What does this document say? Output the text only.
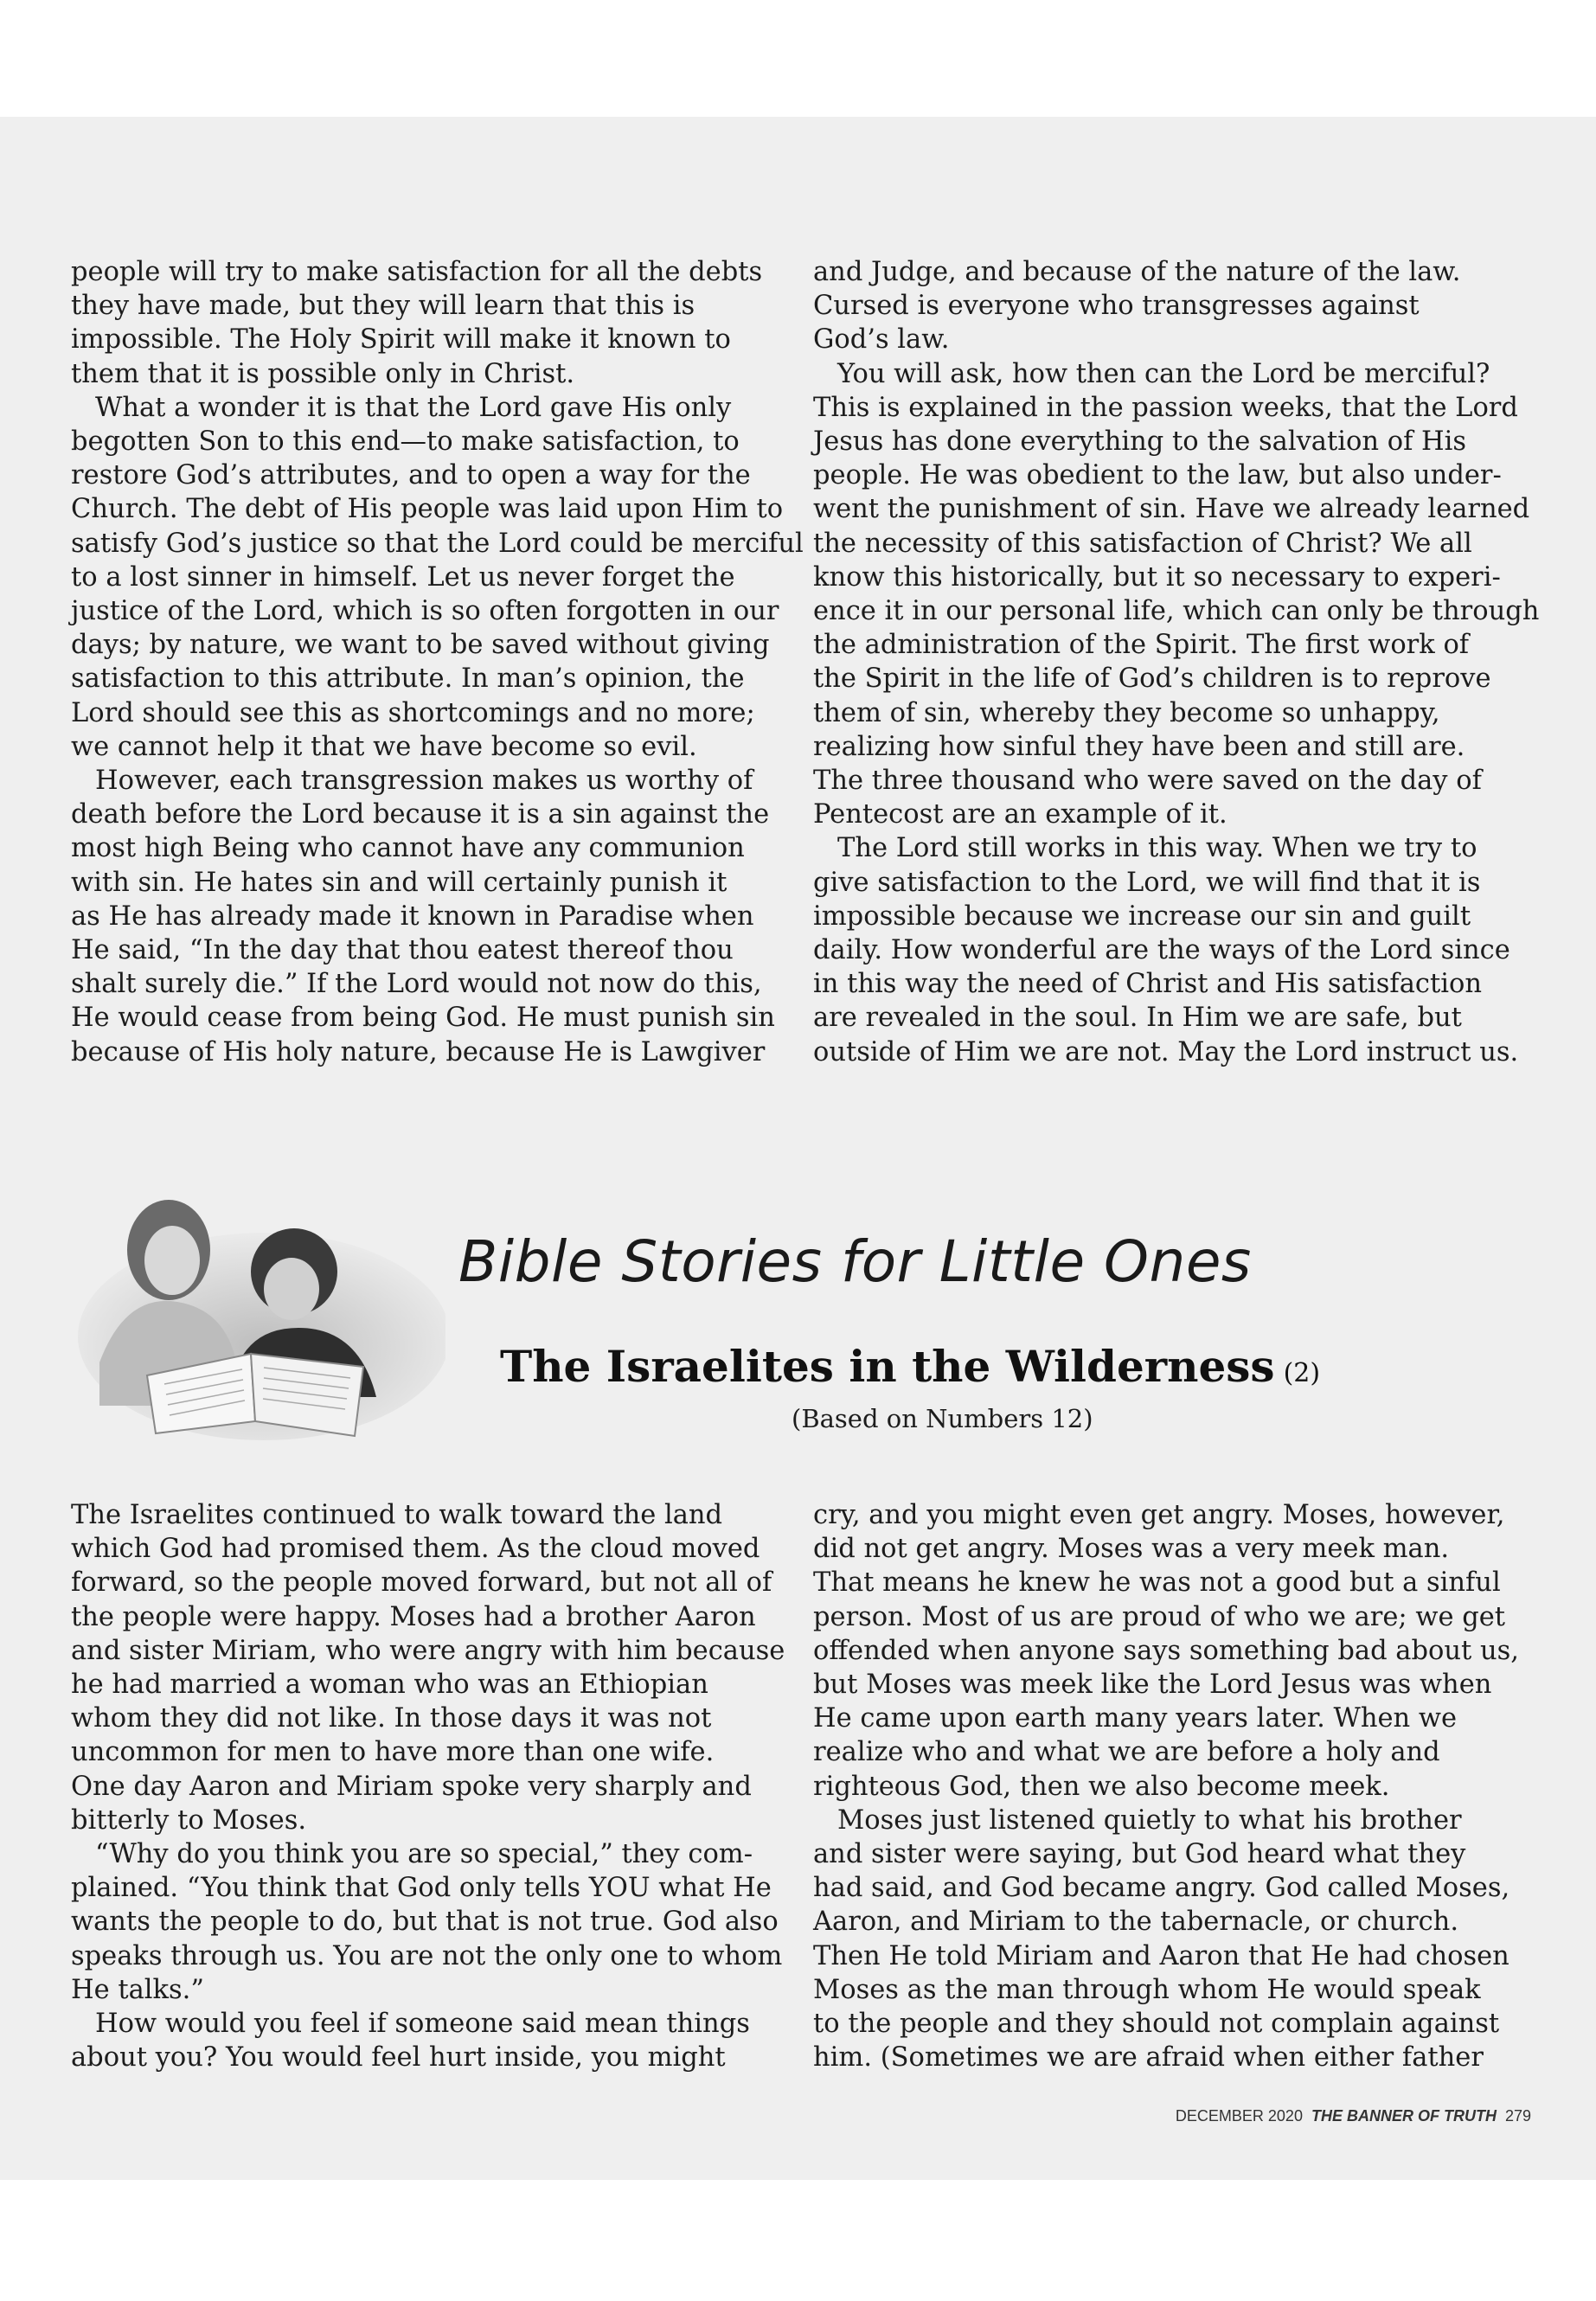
people will try to make satisfaction for all the debts

they have made, but they will learn that this is

impossible. The Holy Spirit will make it known to

them that it is possible only in Christ.

What a wonder it is that the Lord gave His only

begotten Son to this end—to make satisfaction, to

restore God’s attributes, and to open a way for the

Church. The debt of His people was laid upon Him to

satisfy God’s justice so that the Lord could be merciful

to a lost sinner in himself. Let us never forget the

justice of the Lord, which is so often forgotten in our

days; by nature, we want to be saved without giving

satisfaction to this attribute. In man’s opinion, the

Lord should see this as shortcomings and no more;

we cannot help it that we have become so evil.

However, each transgression makes us worthy of

death before the Lord because it is a sin against the

most high Being who cannot have any communion

with sin. He hates sin and will certainly punish it

as He has already made it known in Paradise when

He said, “In the day that thou eatest thereof thou

shalt surely die.” If the Lord would not now do this,

He would cease from being God. He must punish sin

because of His holy nature, because He is Lawgiver

and Judge, and because of the nature of the law.

Cursed is everyone who transgresses against

God’s law.

You will ask, how then can the Lord be merciful?

This is explained in the passion weeks, that the Lord

Jesus has done everything to the salvation of His

people. He was obedient to the law, but also under-

went the punishment of sin. Have we already learned

the necessity of this satisfaction of Christ? We all

know this historically, but it so necessary to experi-

ence it in our personal life, which can only be through

the administration of the Spirit. The first work of

the Spirit in the life of God’s children is to reprove

them of sin, whereby they become so unhappy,

realizing how sinful they have been and still are.

The three thousand who were saved on the day of

Pentecost are an example of it.

The Lord still works in this way. When we try to

give satisfaction to the Lord, we will find that it is

impossible because we increase our sin and guilt

daily. How wonderful are the ways of the Lord since

in this way the need of Christ and His satisfaction

are revealed in the soul. In Him we are safe, but

outside of Him we are not. May the Lord instruct us.

Bible Stories for Little Ones
The Israelites in the Wilderness (2)
(Based on Numbers 12)

The Israelites continued to walk toward the land

which God had promised them. As the cloud moved

forward, so the people moved forward, but not all of

the people were happy. Moses had a brother Aaron

and sister Miriam, who were angry with him because

he had married a woman who was an Ethiopian

whom they did not like. In those days it was not

uncommon for men to have more than one wife.

One day Aaron and Miriam spoke very sharply and

bitterly to Moses.

“Why do you think you are so special,” they com-

plained. “You think that God only tells YOU what He

wants the people to do, but that is not true. God also

speaks through us. You are not the only one to whom

He talks.”

How would you feel if someone said mean things

about you? You would feel hurt inside, you might

cry, and you might even get angry. Moses, however,

did not get angry. Moses was a very meek man.

That means he knew he was not a good but a sinful

person. Most of us are proud of who we are; we get

offended when anyone says something bad about us,

but Moses was meek like the Lord Jesus was when

He came upon earth many years later. When we

realize who and what we are before a holy and

righteous God, then we also become meek.

Moses just listened quietly to what his brother

and sister were saying, but God heard what they

had said, and God became angry. God called Moses,

Aaron, and Miriam to the tabernacle, or church.

Then He told Miriam and Aaron that He had chosen

Moses as the man through whom He would speak

to the people and they should not complain against

him. (Sometimes we are afraid when either father

DECEMBER 2020 THE BANNER OF TRUTH 279
